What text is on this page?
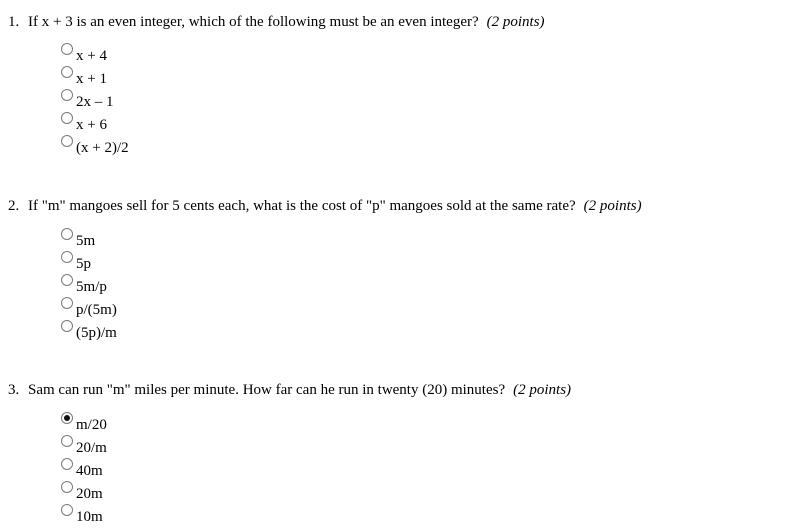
1. If x + 3 is an even integer, which of the following must be an even integer? (2 points)
x + 4
x + 1
2x – 1
x + 6
(x + 2)/2
2. If "m" mangoes sell for 5 cents each, what is the cost of "p" mangoes sold at the same rate? (2 points)
5m
5p
5m/p
p/(5m)
(5p)/m
3. Sam can run "m" miles per minute. How far can he run in twenty (20) minutes? (2 points)
m/20
20/m
40m
20m
10m
